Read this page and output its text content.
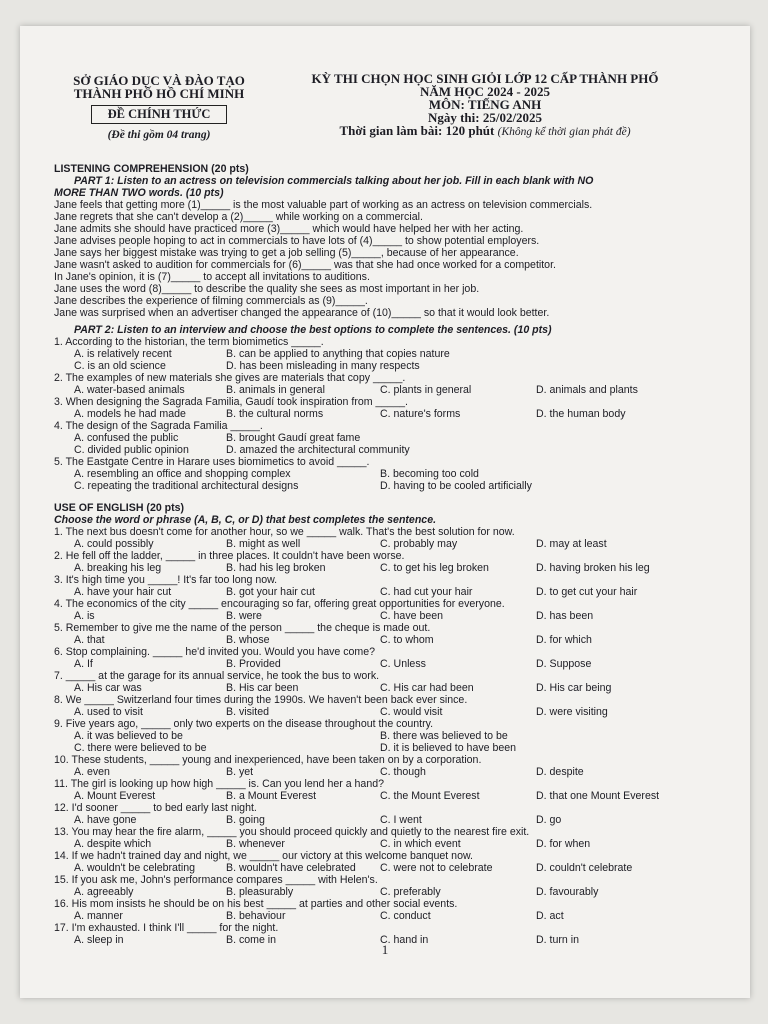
SỞ GIÁO DỤC VÀ ĐÀO TẠO
THÀNH PHỐ HỒ CHÍ MINH
ĐỀ CHÍNH THỨC
(Đề thi gồm 04 trang)
KỲ THI CHỌN HỌC SINH GIỎI LỚP 12 CẤP THÀNH PHỐ
NĂM HỌC 2024 - 2025
MÔN: TIẾNG ANH
Ngày thi: 25/02/2025
Thời gian làm bài: 120 phút (Không kể thời gian phát đề)
LISTENING COMPREHENSION (20 pts)
PART 1: Listen to an actress on television commercials talking about her job. Fill in each blank with NO
MORE THAN TWO words. (10 pts)
Jane feels that getting more (1)_____ is the most valuable part of working as an actress on television commercials.
Jane regrets that she can't develop a (2)_____ while working on a commercial.
Jane admits she should have practiced more (3)_____ which would have helped her with her acting.
Jane advises people hoping to act in commercials to have lots of (4)_____ to show potential employers.
Jane says her biggest mistake was trying to get a job selling (5)_____, because of her appearance.
Jane wasn't asked to audition for commercials for (6)_____ was that she had once worked for a competitor.
In Jane's opinion, it is (7)_____ to accept all invitations to auditions.
Jane uses the word (8)_____ to describe the quality she sees as most important in her job.
Jane describes the experience of filming commercials as (9)_____.
Jane was surprised when an advertiser changed the appearance of (10)_____ so that it would look better.
PART 2: Listen to an interview and choose the best options to complete the sentences. (10 pts)
1. According to the historian, the term biomimetics _____.
A. is relatively recent	B. can be applied to anything that copies nature
C. is an old science	D. has been misleading in many respects
2. The examples of new materials she gives are materials that copy _____.
A. water-based animals	B. animals in general	C. plants in general	D. animals and plants
3. When designing the Sagrada Familia, Gaudí took inspiration from _____.
A. models he had made	B. the cultural norms	C. nature's forms	D. the human body
4. The design of the Sagrada Familia _____.
A. confused the public	B. brought Gaudí great fame
C. divided public opinion	D. amazed the architectural community
5. The Eastgate Centre in Harare uses biomimetics to avoid _____.
A. resembling an office and shopping complex	B. becoming too cold
C. repeating the traditional architectural designs	D. having to be cooled artificially
USE OF ENGLISH (20 pts)
Choose the word or phrase (A, B, C, or D) that best completes the sentence.
1. The next bus doesn't come for another hour, so we _____ walk. That's the best solution for now.
A. could possibly	B. might as well	C. probably may	D. may at least
2. He fell off the ladder, _____ in three places. It couldn't have been worse.
A. breaking his leg	B. had his leg broken	C. to get his leg broken	D. having broken his leg
3. It's high time you _____! It's far too long now.
A. have your hair cut	B. got your hair cut	C. had cut your hair	D. to get cut your hair
4. The economics of the city _____ encouraging so far, offering great opportunities for everyone.
A. is	B. were	C. have been	D. has been
5. Remember to give me the name of the person _____ the cheque is made out.
A. that	B. whose	C. to whom	D. for which
6. Stop complaining. _____ he'd invited you. Would you have come?
A. If	B. Provided	C. Unless	D. Suppose
7. _____ at the garage for its annual service, he took the bus to work.
A. His car was	B. His car been	C. His car had been	D. His car being
8. We _____ Switzerland four times during the 1990s. We haven't been back ever since.
A. used to visit	B. visited	C. would visit	D. were visiting
9. Five years ago, _____ only two experts on the disease throughout the country.
A. it was believed to be	B. there was believed to be
C. there were believed to be	D. it is believed to have been
10. These students, _____ young and inexperienced, have been taken on by a corporation.
A. even	B. yet	C. though	D. despite
11. The girl is looking up how high _____ is. Can you lend her a hand?
A. Mount Everest	B. a Mount Everest	C. the Mount Everest	D. that one Mount Everest
12. I'd sooner _____ to bed early last night.
A. have gone	B. going	C. I went	D. go
13. You may hear the fire alarm, _____ you should proceed quickly and quietly to the nearest fire exit.
A. despite which	B. whenever	C. in which event	D. for when
14. If we hadn't trained day and night, we _____ our victory at this welcome banquet now.
A. wouldn't be celebrating	B. wouldn't have celebrated C. were not to celebrate	D. couldn't celebrate
15. If you ask me, John's performance compares _____ with Helen's.
A. agreeably	B. pleasurably	C. preferably	D. favourably
16. His mom insists he should be on his best _____ at parties and other social events.
A. manner	B. behaviour	C. conduct	D. act
17. I'm exhausted. I think I'll _____ for the night.
A. sleep in	B. come in	C. hand in	D. turn in
1
